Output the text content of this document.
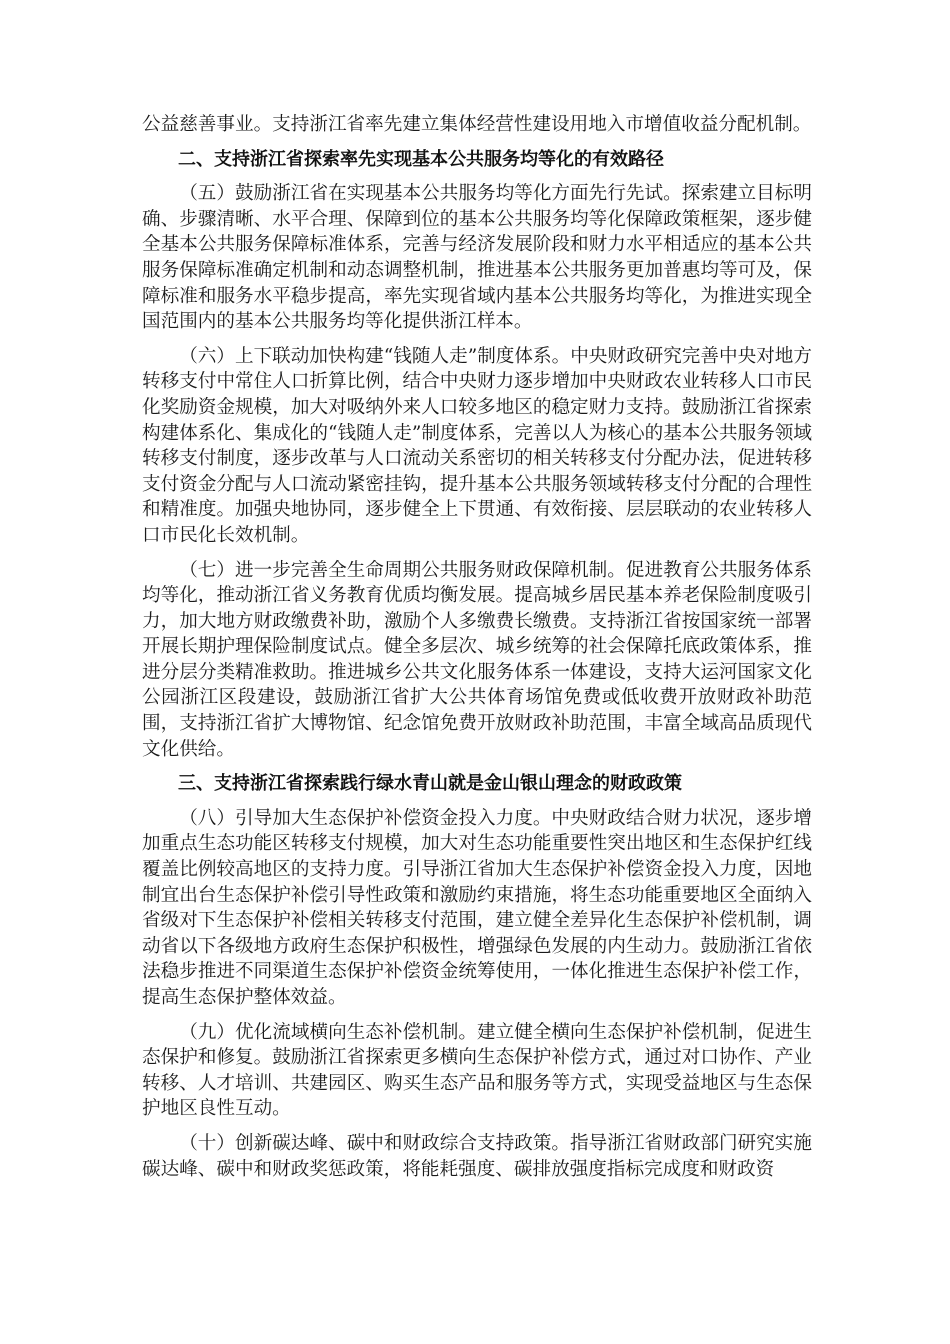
公益慈善事业。支持浙江省率先建立集体经营性建设用地入市增值收益分配机制。

二、支持浙江省探索率先实现基本公共服务均等化的有效路径

（五）鼓励浙江省在实现基本公共服务均等化方面先行先试。探索建立目标明确、步骤清晰、水平合理、保障到位的基本公共服务均等化保障政策框架，逐步健全基本公共服务保障标准体系，完善与经济发展阶段和财力水平相适应的基本公共服务保障标准确定机制和动态调整机制，推进基本公共服务更加普惠均等可及，保障标准和服务水平稳步提高，率先实现省域内基本公共服务均等化，为推进实现全国范围内的基本公共服务均等化提供浙江样本。

（六）上下联动加快构建“钱随人走”制度体系。中央财政研究完善中央对地方转移支付中常住人口折算比例，结合中央财力逐步增加中央财政农业转移人口市民化奖励资金规模，加大对吸纳外来人口较多地区的稳定财力支持。鼓励浙江省探索构建体系化、集成化的“钱随人走”制度体系，完善以人为核心的基本公共服务领域转移支付制度，逐步改革与人口流动关系密切的相关转移支付分配办法，促进转移支付资金分配与人口流动紧密挂钩，提升基本公共服务领域转移支付分配的合理性和精准度。加强央地协同，逐步健全上下贯通、有效衔接、层层联动的农业转移人口市民化长效机制。

（七）进一步完善全生命周期公共服务财政保障机制。促进教育公共服务体系均等化，推动浙江省义务教育优质均衡发展。提高城乡居民基本养老保险制度吸引力，加大地方财政缴费补助，激励个人多缴费长缴费。支持浙江省按国家统一部署开展长期护理保险制度试点。健全多层次、城乡统筹的社会保障托底政策体系，推进分层分类精准救助。推进城乡公共文化服务体系一体建设，支持大运河国家文化公园浙江区段建设，鼓励浙江省扩大公共体育场馆免费或低收费开放财政补助范围，支持浙江省扩大博物馆、纪念馆免费开放财政补助范围，丰富全域高品质现代文化供给。

三、支持浙江省探索践行绿水青山就是金山银山理念的财政政策

（八）引导加大生态保护补偿资金投入力度。中央财政结合财力状况，逐步增加重点生态功能区转移支付规模，加大对生态功能重要性突出地区和生态保护红线覆盖比例较高地区的支持力度。引导浙江省加大生态保护补偿资金投入力度，因地制宜出台生态保护补偿引导性政策和激励约束措施，将生态功能重要地区全面纳入省级对下生态保护补偿相关转移支付范围，建立健全差异化生态保护补偿机制，调动省以下各级地方政府生态保护积极性，增强绿色发展的内生动力。鼓励浙江省依法稳步推进不同渠道生态保护补偿资金统筹使用，一体化推进生态保护补偿工作，提高生态保护整体效益。

（九）优化流域横向生态补偿机制。建立健全横向生态保护补偿机制，促进生态保护和修复。鼓励浙江省探索更多横向生态保护补偿方式，通过对口协作、产业转移、人才培训、共建园区、购买生态产品和服务等方式，实现受益地区与生态保护地区良性互动。

（十）创新碳达峰、碳中和财政综合支持政策。指导浙江省财政部门研究实施碳达峰、碳中和财政奖惩政策，将能耗强度、碳排放强度指标完成度和财政资
